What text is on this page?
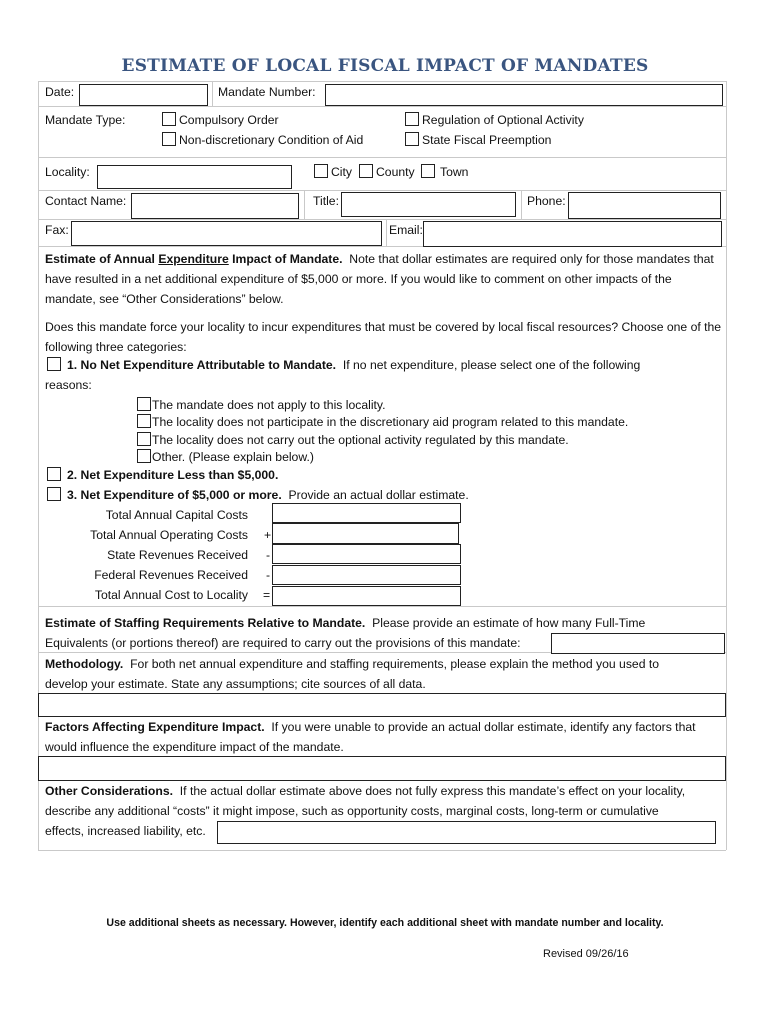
ESTIMATE OF LOCAL FISCAL IMPACT OF MANDATES
Date:	Mandate Number:
Mandate Type:	Compulsory Order
Non-discretionary Condition of Aid
Regulation of Optional Activity
State Fiscal Preemption
Locality:	City County Town
Contact Name:	Title:	Phone:
Fax:	Email:
Estimate of Annual Expenditure Impact of Mandate. Note that dollar estimates are required only for those mandates that have resulted in a net additional expenditure of $5,000 or more. If you would like to comment on other impacts of the mandate, see “Other Considerations” below.
Does this mandate force your locality to incur expenditures that must be covered by local fiscal resources? Choose one of the following three categories:
1. No Net Expenditure Attributable to Mandate. If no net expenditure, please select one of the following
reasons:
The mandate does not apply to this locality.
The locality does not participate in the discretionary aid program related to this mandate.
The locality does not carry out the optional activity regulated by this mandate.
Other. (Please explain below.)
2. Net Expenditure Less than $5,000.
3. Net Expenditure of $5,000 or more. Provide an actual dollar estimate.
Total Annual Capital Costs
Total Annual Operating Costs +
State Revenues Received -
Federal Revenues Received -
Total Annual Cost to Locality =
Estimate of Staffing Requirements Relative to Mandate. Please provide an estimate of how many Full-Time
Equivalents (or portions thereof) are required to carry out the provisions of this mandate:
Methodology. For both net annual expenditure and staffing requirements, please explain the method you used to
develop your estimate. State any assumptions; cite sources of all data.
Factors Affecting Expenditure Impact. If you were unable to provide an actual dollar estimate, identify any factors that
would influence the expenditure impact of the mandate.
Other Considerations. If the actual dollar estimate above does not fully express this mandate’s effect on your locality,
describe any additional “costs” it might impose, such as opportunity costs, marginal costs, long-term or cumulative
effects, increased liability, etc.
Use additional sheets as necessary. However, identify each additional sheet with mandate number and locality.
Revised 09/26/16
